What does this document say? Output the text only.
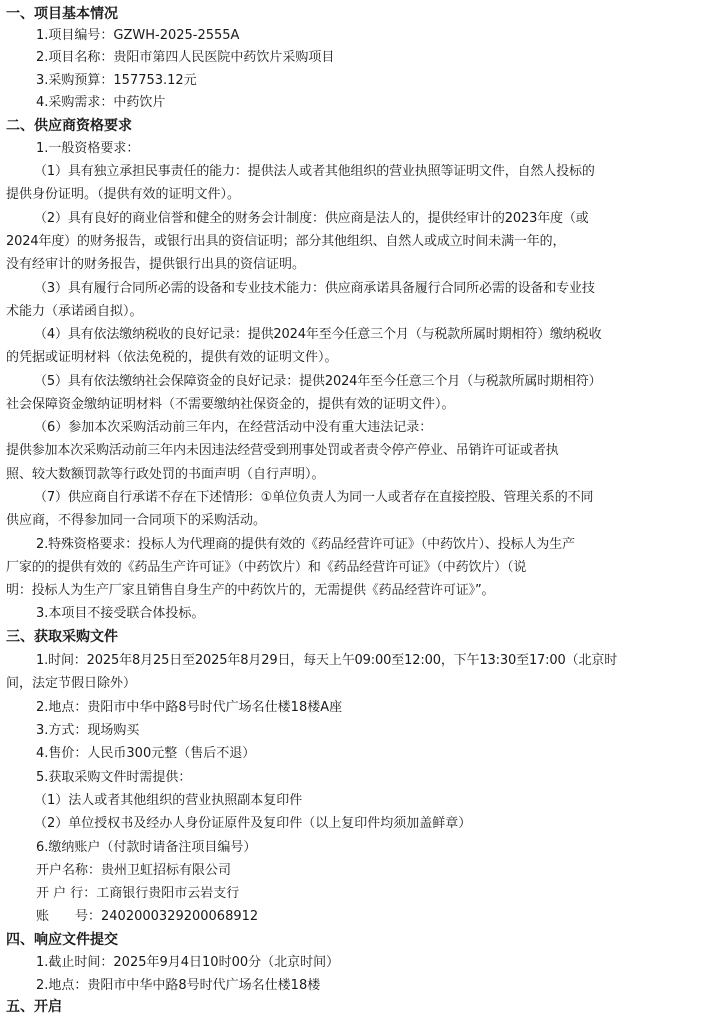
一、项目基本情况
1.项目编号：GZWH-2025-2555A
2.项目名称：贵阳市第四人民医院中药饮片采购项目
3.采购预算：157753.12元
4.采购需求：中药饮片
二、供应商资格要求
1.一般资格要求：
（1）具有独立承担民事责任的能力：提供法人或者其他组织的营业执照等证明文件，自然人投标的
提供身份证明。（提供有效的证明文件）。
（2）具有良好的商业信誉和健全的财务会计制度：供应商是法人的，提供经审计的2023年度（或
2024年度）的财务报告，或银行出具的资信证明；部分其他组织、自然人或成立时间未满一年的，
没有经审计的财务报告，提供银行出具的资信证明。
（3）具有履行合同所必需的设备和专业技术能力：供应商承诺具备履行合同所必需的设备和专业技
术能力（承诺函自拟）。
（4）具有依法缴纳税收的良好记录：提供2024年至今任意三个月（与税款所属时期相符）缴纳税收
的凭据或证明材料（依法免税的，提供有效的证明文件）。
（5）具有依法缴纳社会保障资金的良好记录：提供2024年至今任意三个月（与税款所属时期相符）
社会保障资金缴纳证明材料（不需要缴纳社保资金的，提供有效的证明文件）。
（6）参加本次采购活动前三年内，在经营活动中没有重大违法记录：
提供参加本次采购活动前三年内未因违法经营受到刑事处罚或者责令停产停业、吊销许可证或者执
照、较大数额罚款等行政处罚的书面声明（自行声明）。
（7）供应商自行承诺不存在下述情形：①单位负责人为同一人或者存在直接控股、管理关系的不同
供应商，不得参加同一合同项下的采购活动。
2.特殊资格要求：投标人为代理商的提供有效的《药品经营许可证》（中药饮片）、投标人为生产
厂家的的提供有效的《药品生产许可证》（中药饮片）和《药品经营许可证》（中药饮片）（说
明：投标人为生产厂家且销售自身生产的中药饮片的，无需提供《药品经营许可证》”。
3.本项目不接受联合体投标。
三、获取采购文件
1.时间：2025年8月25日至2025年8月29日，每天上午09:00至12:00，下午13:30至17:00（北京时
间，法定节假日除外）
2.地点：贵阳市中华中路8号时代广场名仕楼18楼A座
3.方式：现场购买
4.售价：人民币300元整（售后不退）
5.获取采购文件时需提供：
（1）法人或者其他组织的营业执照副本复印件
（2）单位授权书及经办人身份证原件及复印件（以上复印件均须加盖鲜章）
6.缴纳账户（付款时请备注项目编号）
开户名称：贵州卫虹招标有限公司
开 户 行：工商银行贵阳市云岩支行
账　　号：2402000329200068912
四、响应文件提交
1.截止时间：2025年9月4日10时00分（北京时间）
2.地点：贵阳市中华中路8号时代广场名仕楼18楼
五、开启
